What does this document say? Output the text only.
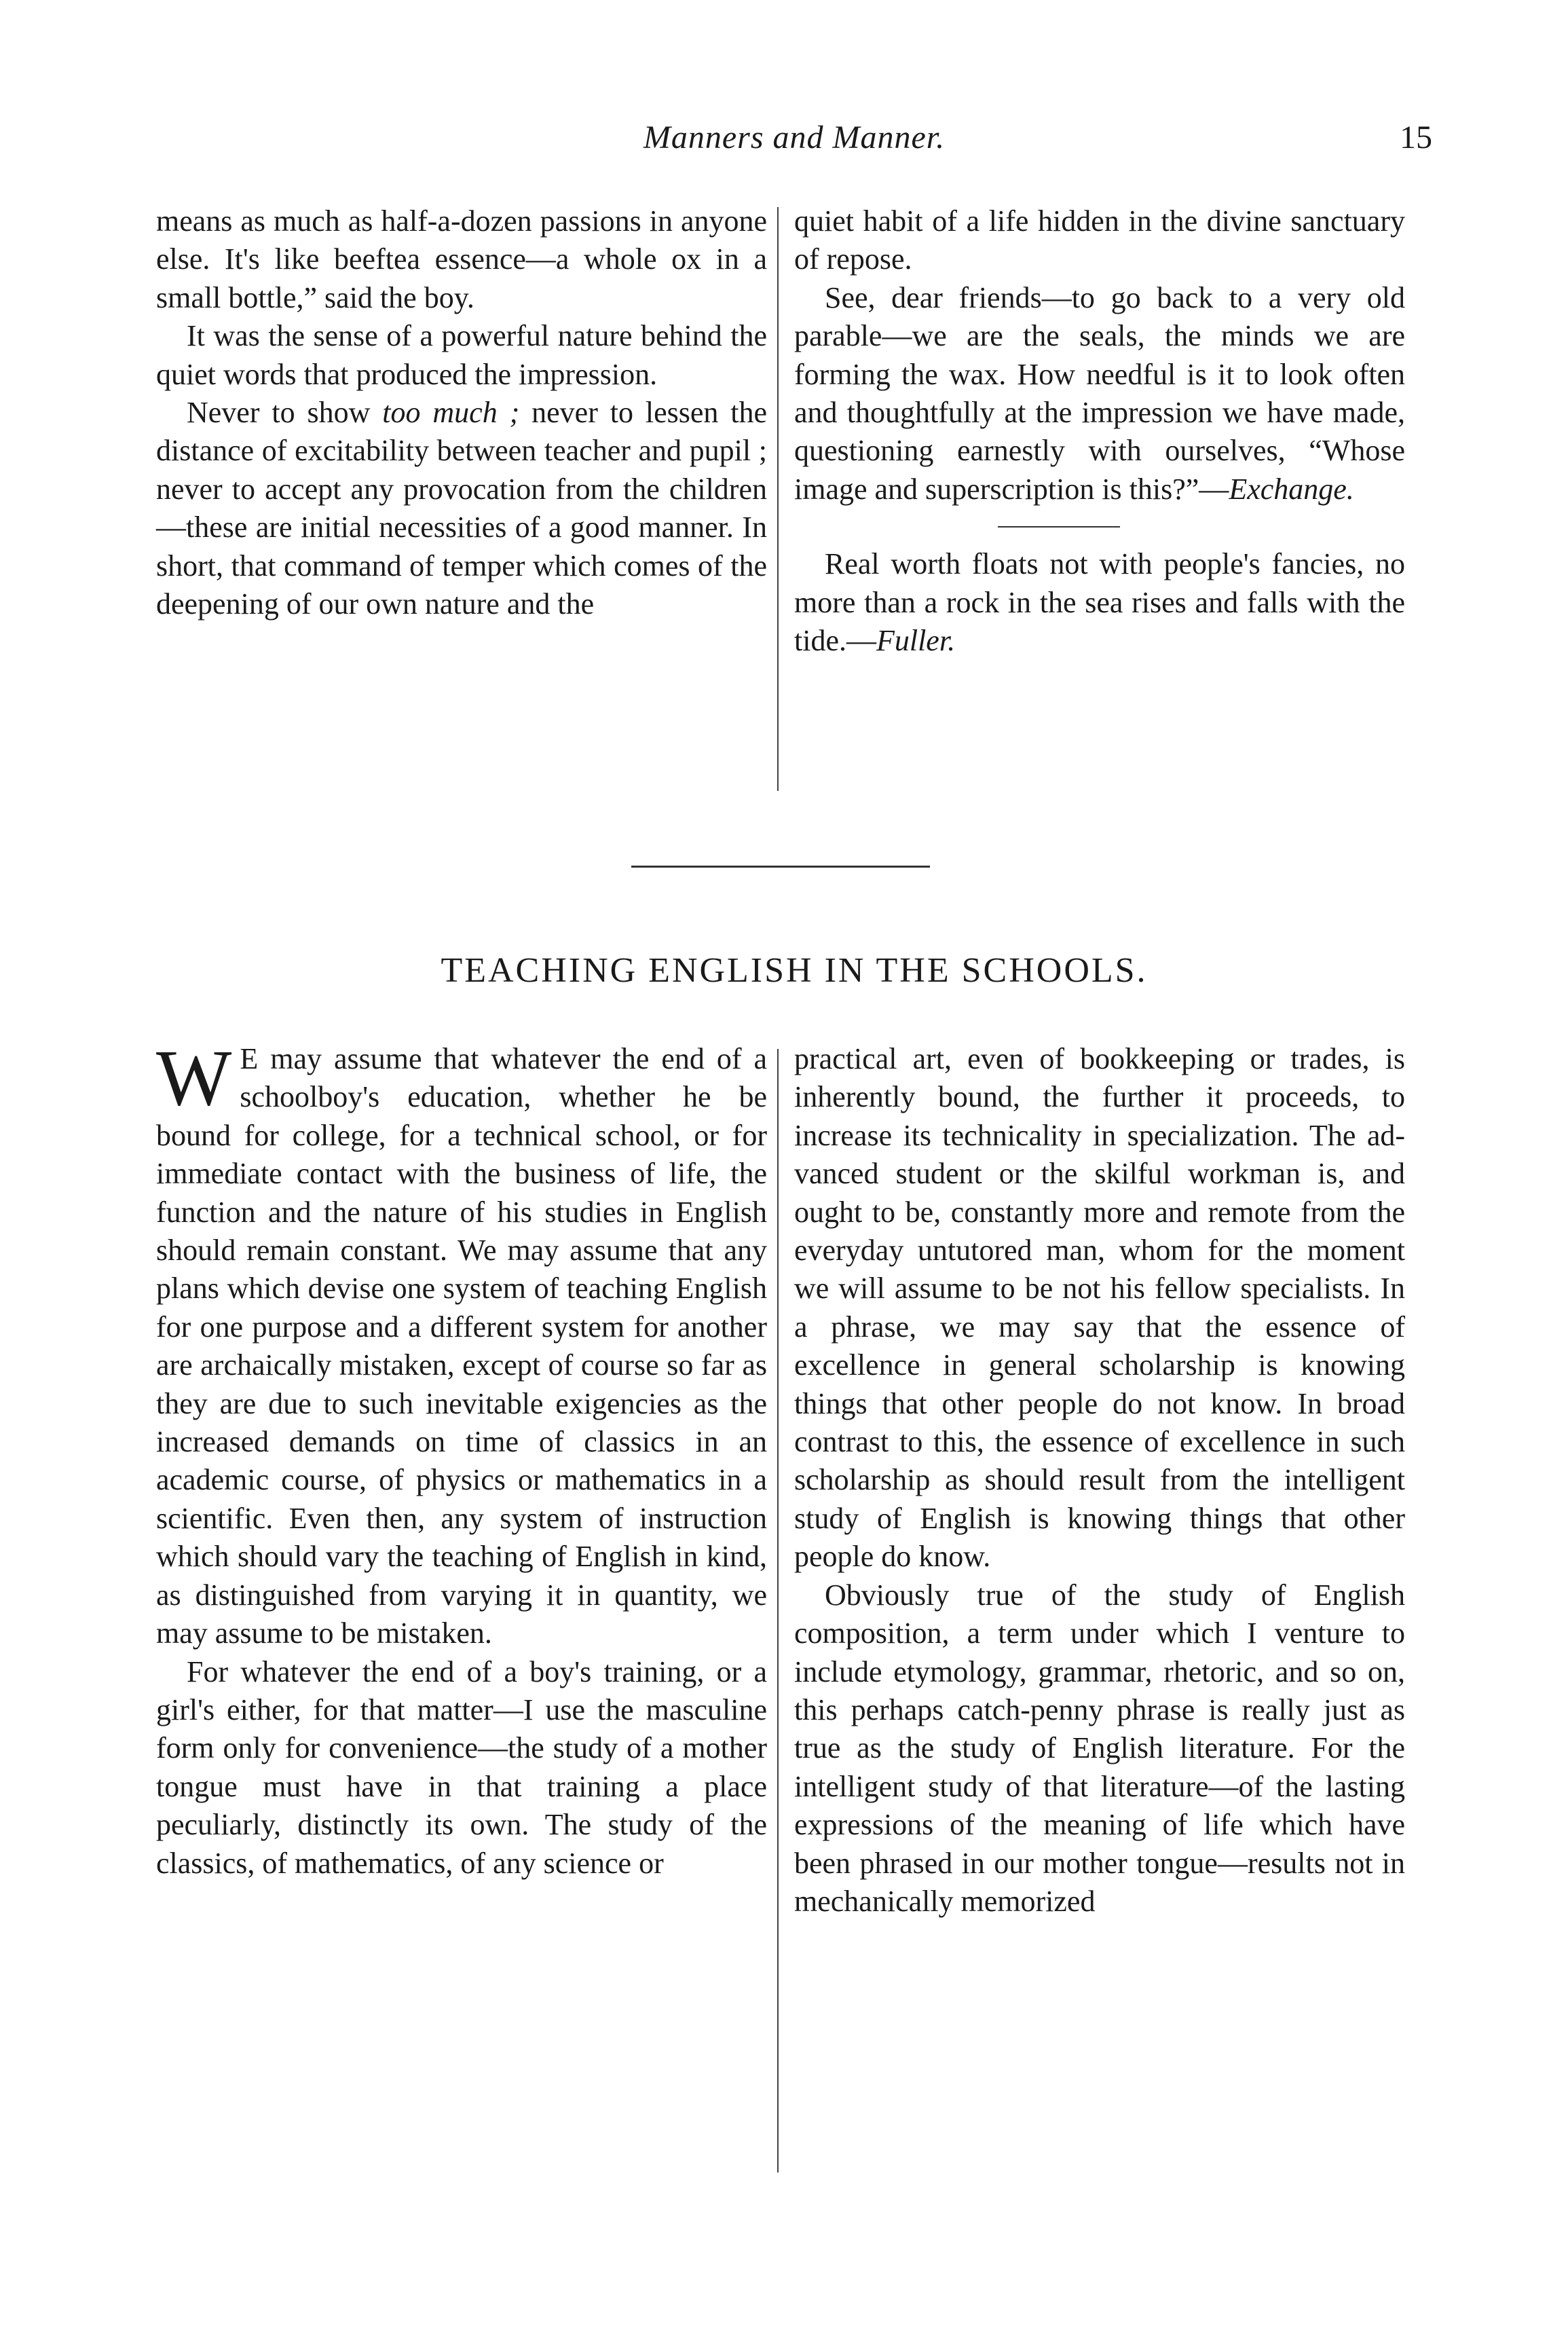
Manners and Manner.	15

means as much as half-a-dozen passions in anyone else. It's like beeftea essence—a whole ox in a small bottle,” said the boy.

It was the sense of a powerful nature behind the quiet words that produced the impression.

Never to show too much ; never to lessen the distance of excitability between teacher and pupil ; never to accept any provocation from the children—these are initial necessities of a good manner. In short, that command of temper which comes of the deepening of our own nature and the

quiet habit of a life hidden in the divine sanctuary of repose.

See, dear friends—to go back to a very old parable—we are the seals, the minds we are forming the wax. How needful is it to look often and thoughtfully at the impression we have made, questioning earnestly with ourselves, “Whose image and superscription is this?”—Exchange.

Real worth floats not with people's fancies, no more than a rock in the sea rises and falls with the tide.—Fuller.

TEACHING ENGLISH IN THE SCHOOLS.

W E may assume that whatever the end of a schoolboy's education, whether he be bound for college, for a technical school, or for immediate contact with the business of life, the function and the nature of his studies in English should remain constant. We may assume that any plans which devise one system of teaching English for one purpose and a different system for another are archaically mistaken, except of course so far as they are due to such inevitable exigencies as the increased demands on time of classics in an academic course, of physics or mathematics in a scientific. Even then, any system of instruction which should vary the teaching of English in kind, as distinguished from varying it in quantity, we may assume to be mistaken.

For whatever the end of a boy's training, or a girl's either, for that matter—I use the masculine form only for convenience—the study of a mother tongue must have in that training a place peculiarly, distinctly its own. The study of the classics, of mathematics, of any science or

practical art, even of bookkeeping or trades, is inherently bound, the further it proceeds, to increase its technicality in specialization. The advanced student or the skilful workman is, and ought to be, constantly more and remote from the everyday untutored man, whom for the moment we will assume to be not his fellow specialists. In a phrase, we may say that the essence of excellence in general scholarship is knowing things that other people do not know. In broad contrast to this, the essence of excellence in such scholarship as should result from the intelligent study of English is knowing things that other people do know.

Obviously true of the study of English composition, a term under which I venture to include etymology, grammar, rhetoric, and so on, this perhaps catch-penny phrase is really just as true as the study of English literature. For the intelligent study of that literature—of the lasting expressions of the meaning of life which have been phrased in our mother tongue—results not in mechanically memorized
